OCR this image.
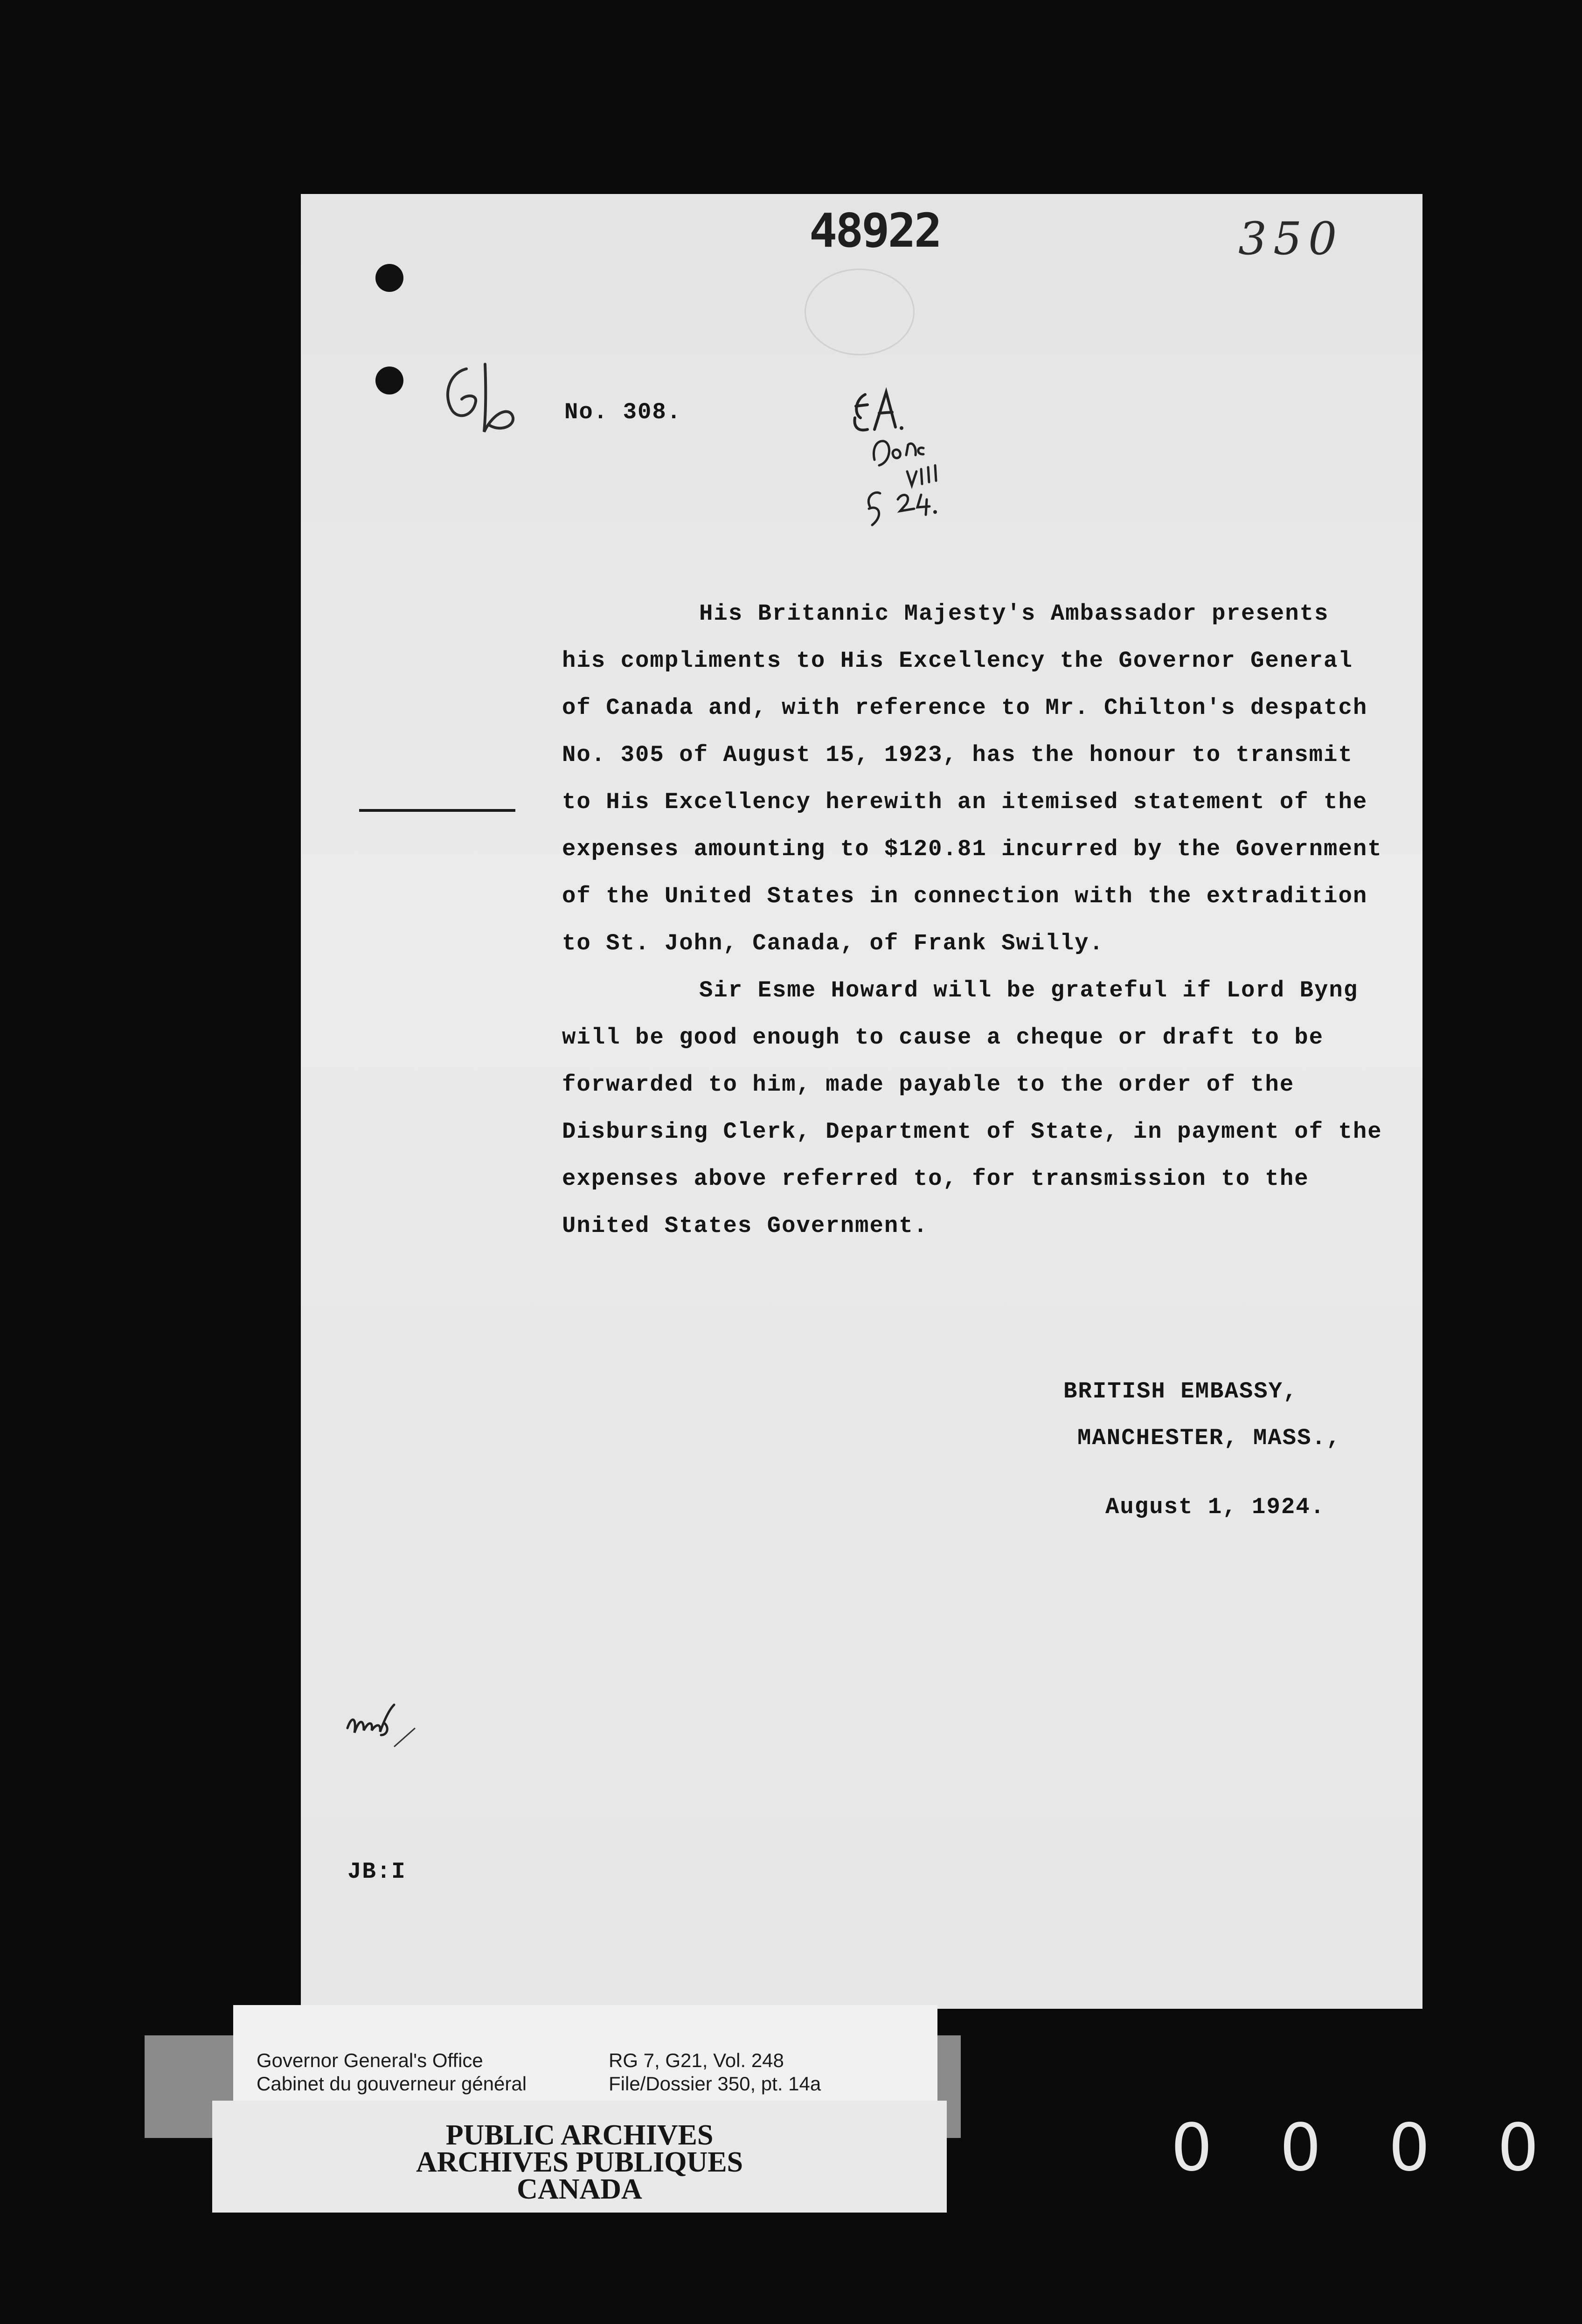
48922	350
No. 308.
His Britannic Majesty's Ambassador presents
his compliments to His Excellency the Governor General
of Canada and, with reference to Mr. Chilton's despatch
No. 305 of August 15, 1923, has the honour to transmit
to His Excellency herewith an itemised statement of the
expenses amounting to $120.81 incurred by the Government
of the United States in connection with the extradition
to St. John, Canada, of Frank Swilly.
Sir Esme Howard will be grateful if Lord Byng
will be good enough to cause a cheque or draft to be
forwarded to him, made payable to the order of the
Disbursing Clerk, Department of State, in payment of the
expenses above referred to, for transmission to the
United States Government.
BRITISH EMBASSY,
MANCHESTER, MASS.,
August 1, 1924.
JB:I
Governor General's Office
Cabinet du gouverneur général
RG 7, G21, Vol. 248
File/Dossier 350, pt. 14a
PUBLIC ARCHIVES
ARCHIVES PUBLIQUES
CANADA
0 0 0 0
